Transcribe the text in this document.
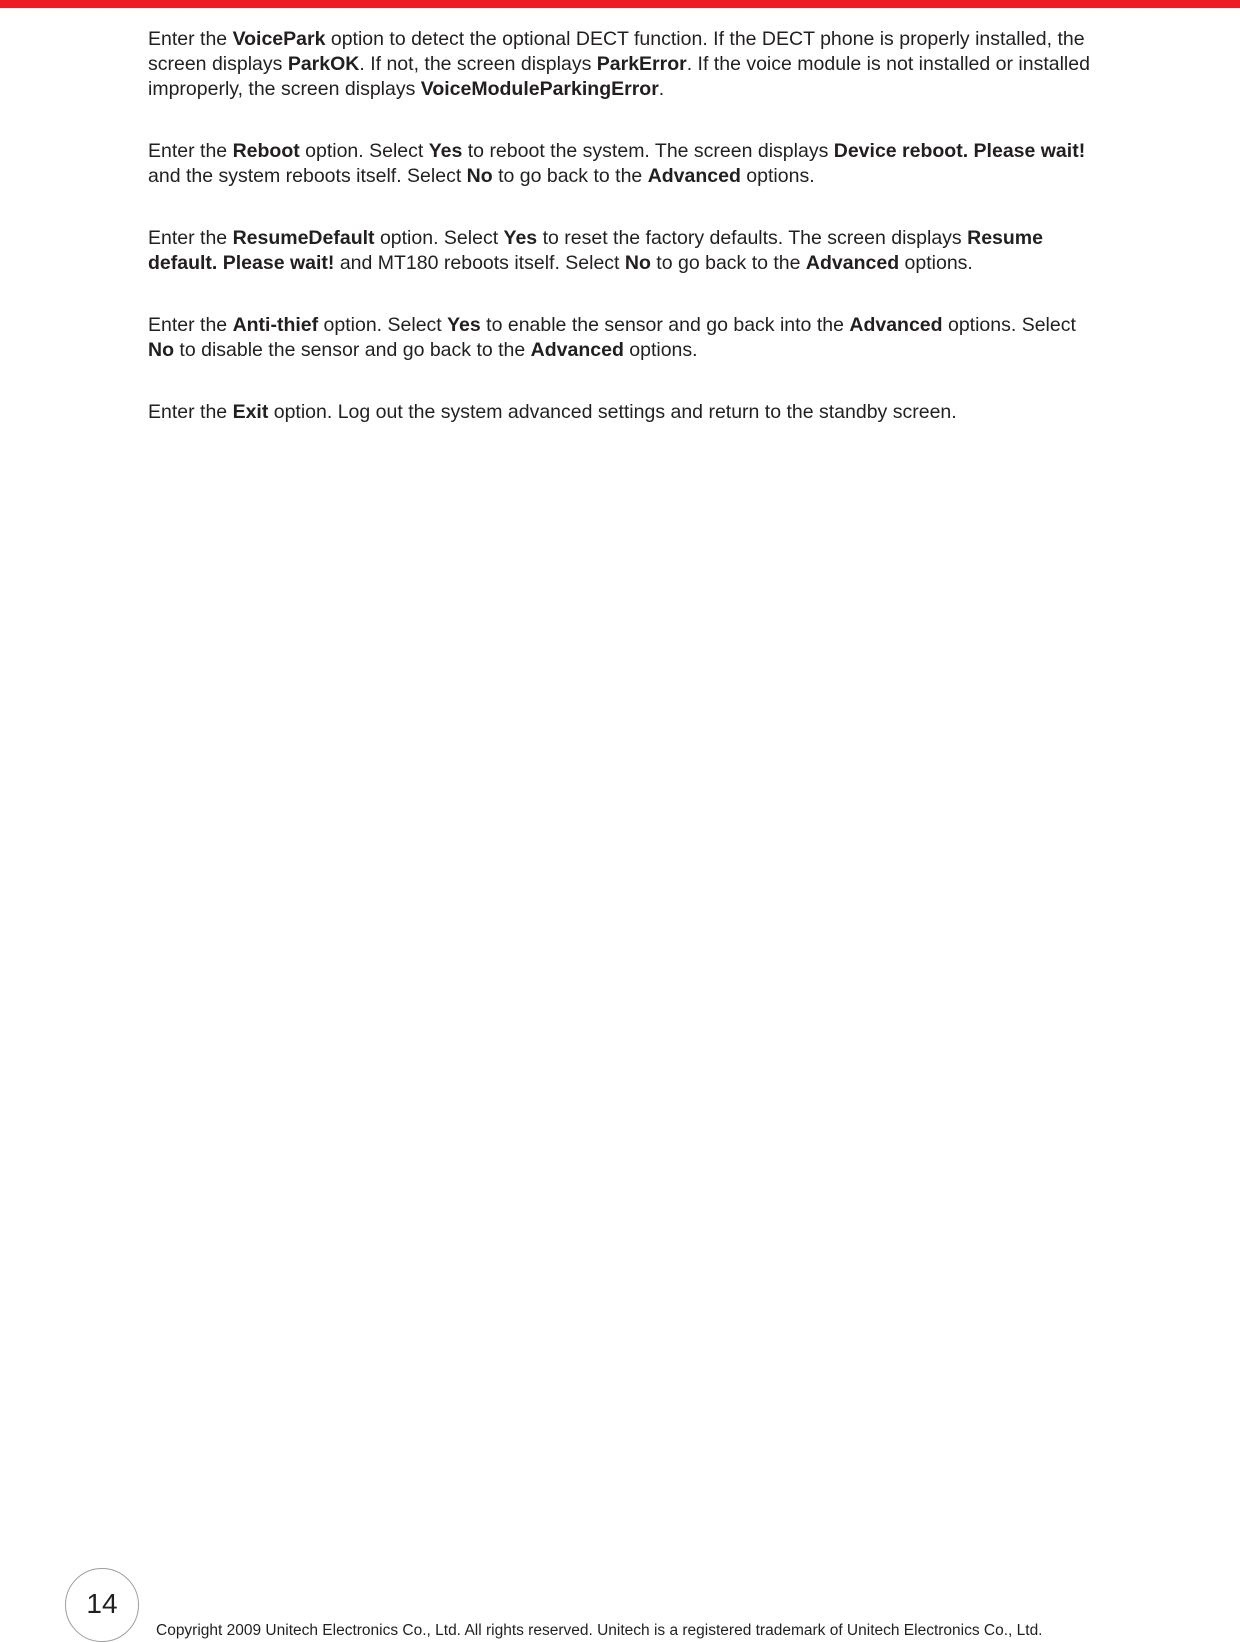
Enter the VoicePark option to detect the optional DECT function. If the DECT phone is properly installed, the screen displays ParkOK. If not, the screen displays ParkError. If the voice module is not installed or installed improperly, the screen displays VoiceModuleParkingError.

Enter the Reboot option. Select Yes to reboot the system. The screen displays Device reboot. Please wait! and the system reboots itself. Select No to go back to the Advanced options.

Enter the ResumeDefault option. Select Yes to reset the factory defaults. The screen displays Resume default. Please wait! and MT180 reboots itself. Select No to go back to the Advanced options.

Enter the Anti-thief option. Select Yes to enable the sensor and go back into the Advanced options. Select No to disable the sensor and go back to the Advanced options.

Enter the Exit option. Log out the system advanced settings and return to the standby screen.

14
Copyright 2009 Unitech Electronics Co., Ltd. All rights reserved. Unitech is a registered trademark of Unitech Electronics Co., Ltd.
